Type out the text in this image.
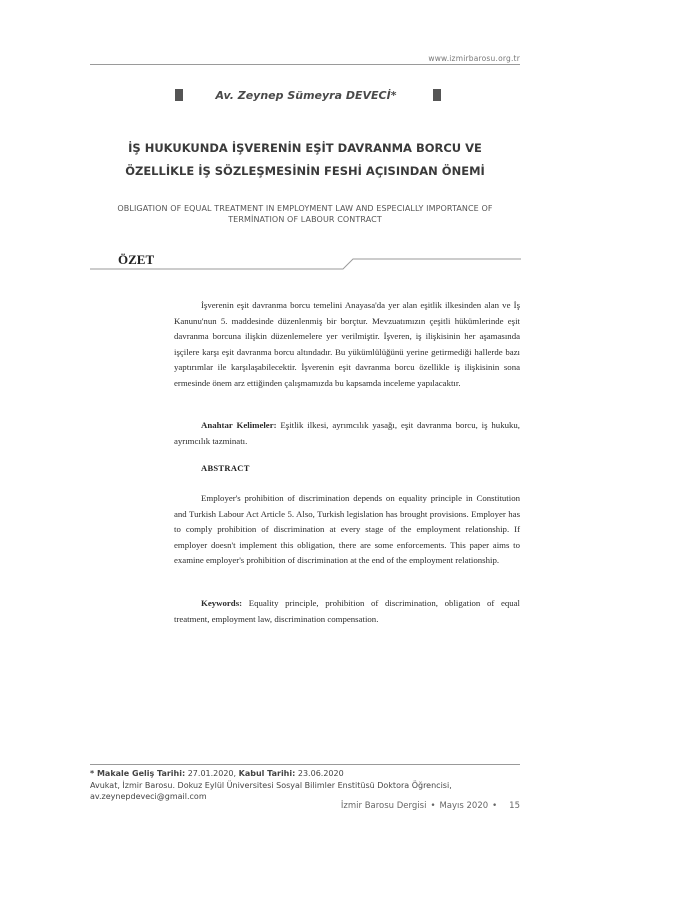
www.izmirbarosu.org.tr
Av. Zeynep Sümeyra DEVECİ*
İŞ HUKUKUNDA İŞVERENİN EŞİT DAVRANMA BORCU VE
ÖZELLİKLE İŞ SÖZLEŞMESİNİN FESHİ AÇISINDAN ÖNEMİ
OBLIGATION OF EQUAL TREATMENT IN EMPLOYMENT LAW AND ESPECIALLY IMPORTANCE OF
TERMİNATION OF LABOUR CONTRACT
ÖZET
İşverenin eşit davranma borcu temelini Anayasa'da yer alan eşitlik ilkesinden alan ve İş Kanunu'nun 5. maddesinde düzenlenmiş bir borçtur. Mevzuatımızın çeşitli hükümlerinde eşit davranma borcuna ilişkin düzenlemelere yer verilmiştir. İşveren, iş ilişkisinin her aşamasında işçilere karşı eşit davranma borcu altındadır. Bu yükümlülüğünü yerine getirmediği hallerde bazı yaptırımlar ile karşılaşabilecektir. İşverenin eşit davranma borcu özellikle iş ilişkisinin sona ermesinde önem arz ettiğinden çalışmamızda bu kapsamda inceleme yapılacaktır.
Anahtar Kelimeler: Eşitlik ilkesi, ayrımcılık yasağı, eşit davranma borcu, iş hukuku, ayrımcılık tazminatı.
ABSTRACT
Employer's prohibition of discrimination depends on equality principle in Constitution and Turkish Labour Act Article 5. Also, Turkish legislation has brought provisions. Employer has to comply prohibition of discrimination at every stage of the employment relationship. If employer doesn't implement this obligation, there are some enforcements. This paper aims to examine employer's prohibition of discrimination at the end of the employment relationship.
Keywords: Equality principle, prohibition of discrimination, obligation of equal treatment, employment law, discrimination compensation.
* Makale Geliş Tarihi: 27.01.2020, Kabul Tarihi: 23.06.2020
Avukat, İzmir Barosu. Dokuz Eylül Üniversitesi Sosyal Bilimler Enstitüsü Doktora Öğrencisi,
av.zeynepdeveci@gmail.com
İzmir Barosu Dergisi • Mayıs 2020 • 15
